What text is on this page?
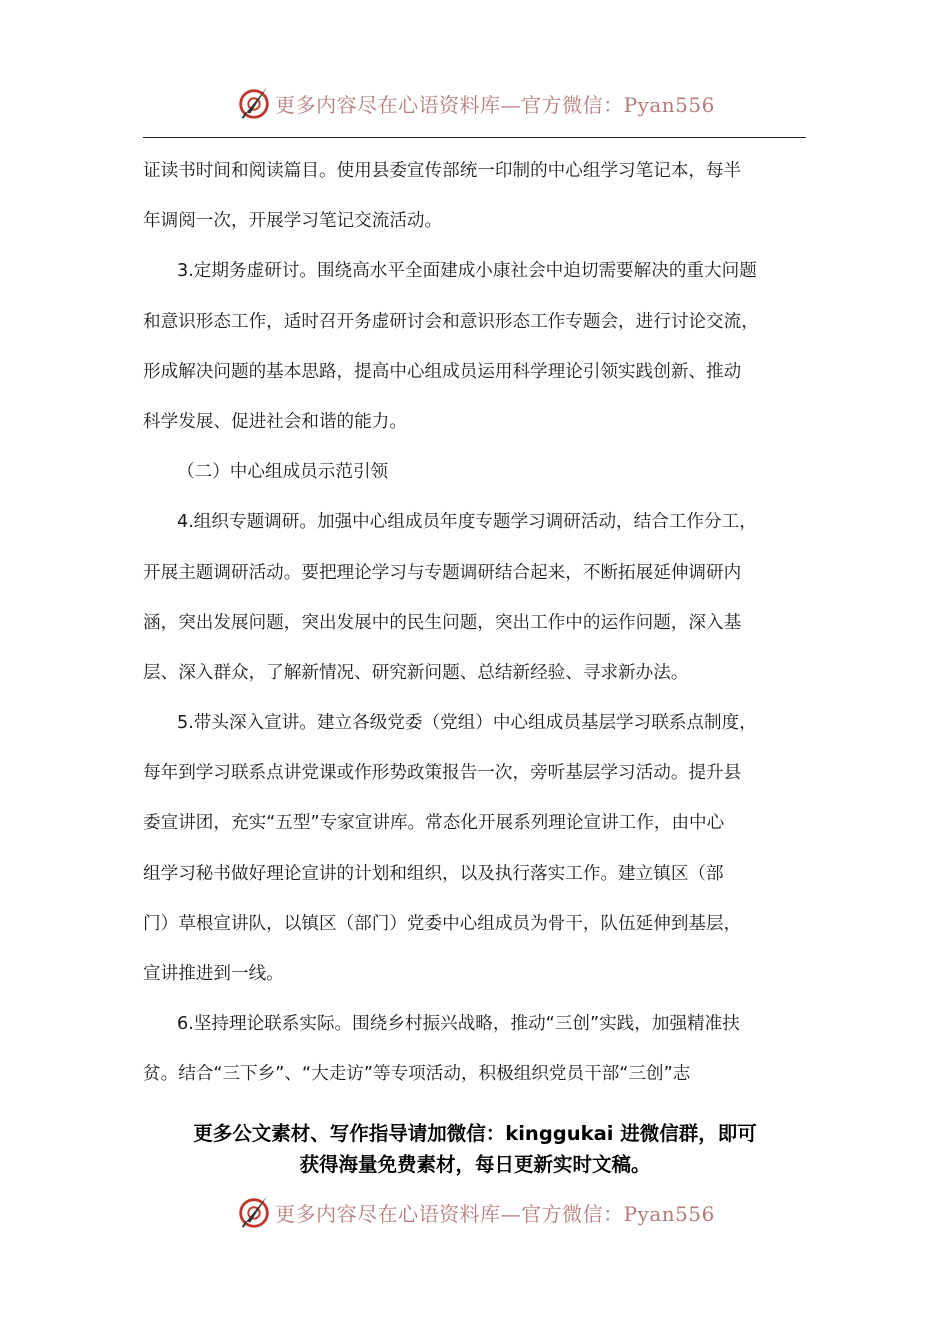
更多内容尽在心语资料库—官方微信：Pyan556
证读书时间和阅读篇目。使用县委宣传部统一印制的中心组学习笔记本，每半
年调阅一次，开展学习笔记交流活动。
3.定期务虚研讨。围绕高水平全面建成小康社会中迫切需要解决的重大问题
和意识形态工作，适时召开务虚研讨会和意识形态工作专题会，进行讨论交流，
形成解决问题的基本思路，提高中心组成员运用科学理论引领实践创新、推动
科学发展、促进社会和谐的能力。
（二）中心组成员示范引领
4.组织专题调研。加强中心组成员年度专题学习调研活动，结合工作分工，
开展主题调研活动。要把理论学习与专题调研结合起来，不断拓展延伸调研内
涵，突出发展问题，突出发展中的民生问题，突出工作中的运作问题，深入基
层、深入群众，了解新情况、研究新问题、总结新经验、寻求新办法。
5.带头深入宣讲。建立各级党委（党组）中心组成员基层学习联系点制度，
每年到学习联系点讲党课或作形势政策报告一次，旁听基层学习活动。提升县
委宣讲团，充实“五型”专家宣讲库。常态化开展系列理论宣讲工作，由中心
组学习秘书做好理论宣讲的计划和组织，以及执行落实工作。建立镇区（部
门）草根宣讲队，以镇区（部门）党委中心组成员为骨干，队伍延伸到基层，
宣讲推进到一线。
6.坚持理论联系实际。围绕乡村振兴战略，推动“三创”实践，加强精准扶
贫。结合“三下乡”、“大走访”等专项活动，积极组织党员干部“三创”志
更多公文素材、写作指导请加微信：kinggukai 进微信群，即可
获得海量免费素材，每日更新实时文稿。
更多内容尽在心语资料库—官方微信：Pyan556
